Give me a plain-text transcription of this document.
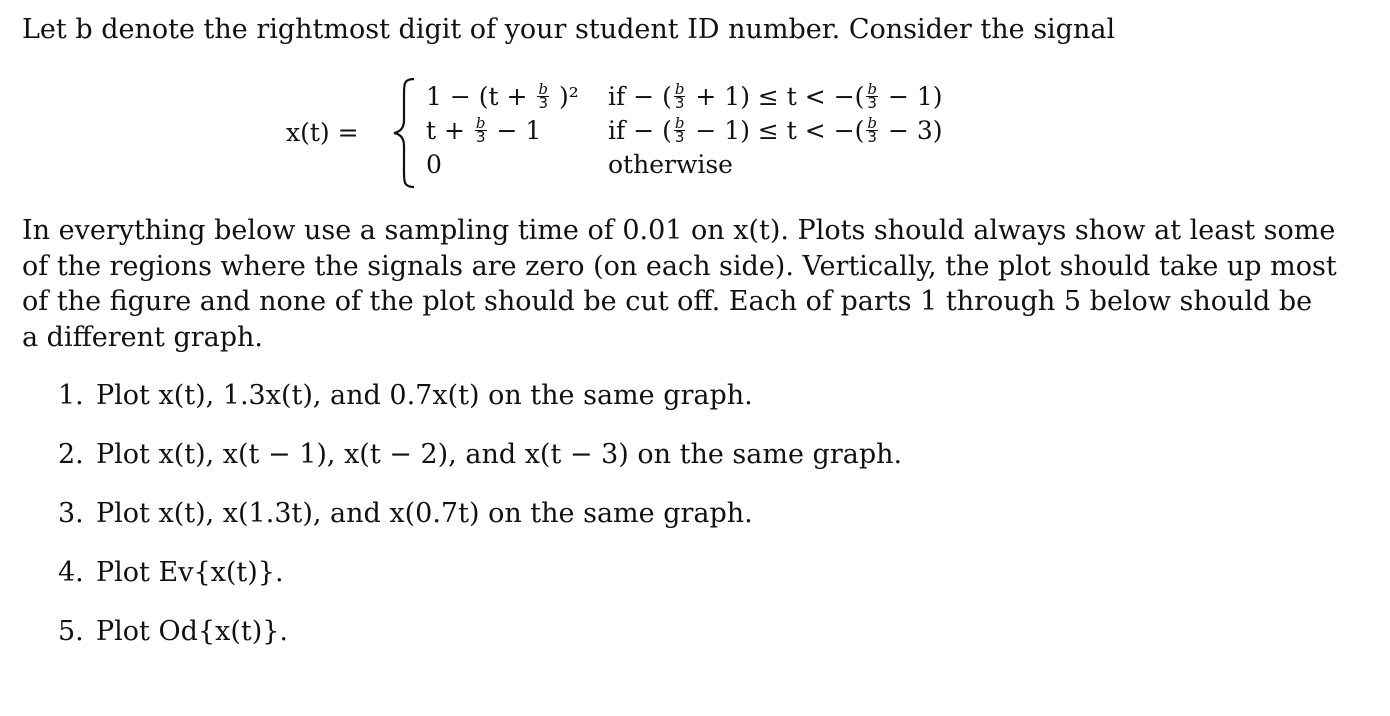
Let b denote the rightmost digit of your student ID number. Consider the signal
x(t) =
$1 - (t + \frac{b}{3} )^2$ if − ( $\frac{b}{3} + 1) \le t$ < −( $\frac{b}{3} - 1$)
$t + \frac{b}{3} - 1$	if − ( $\frac{b}{3} - 1) \le t$ < −( $\frac{b}{3} - 3$)
0	otherwise
In everything below use a sampling time of 0.01 on x(t). Plots should always show at least some
of the regions where the signals are zero (on each side). Vertically, the plot should take up most
of the figure and none of the plot should be cut off. Each of parts 1 through 5 below should be
a different graph.
1. Plot x(t), 1.3x(t), and 0.7x(t) on the same graph.
2. Plot x(t), x(t − 1), x(t − 2), and x(t − 3) on the same graph.
3. Plot x(t), x(1.3t), and x(0.7t) on the same graph.
4. Plot Ev{x(t)}.
5. Plot Od{x(t)}.
